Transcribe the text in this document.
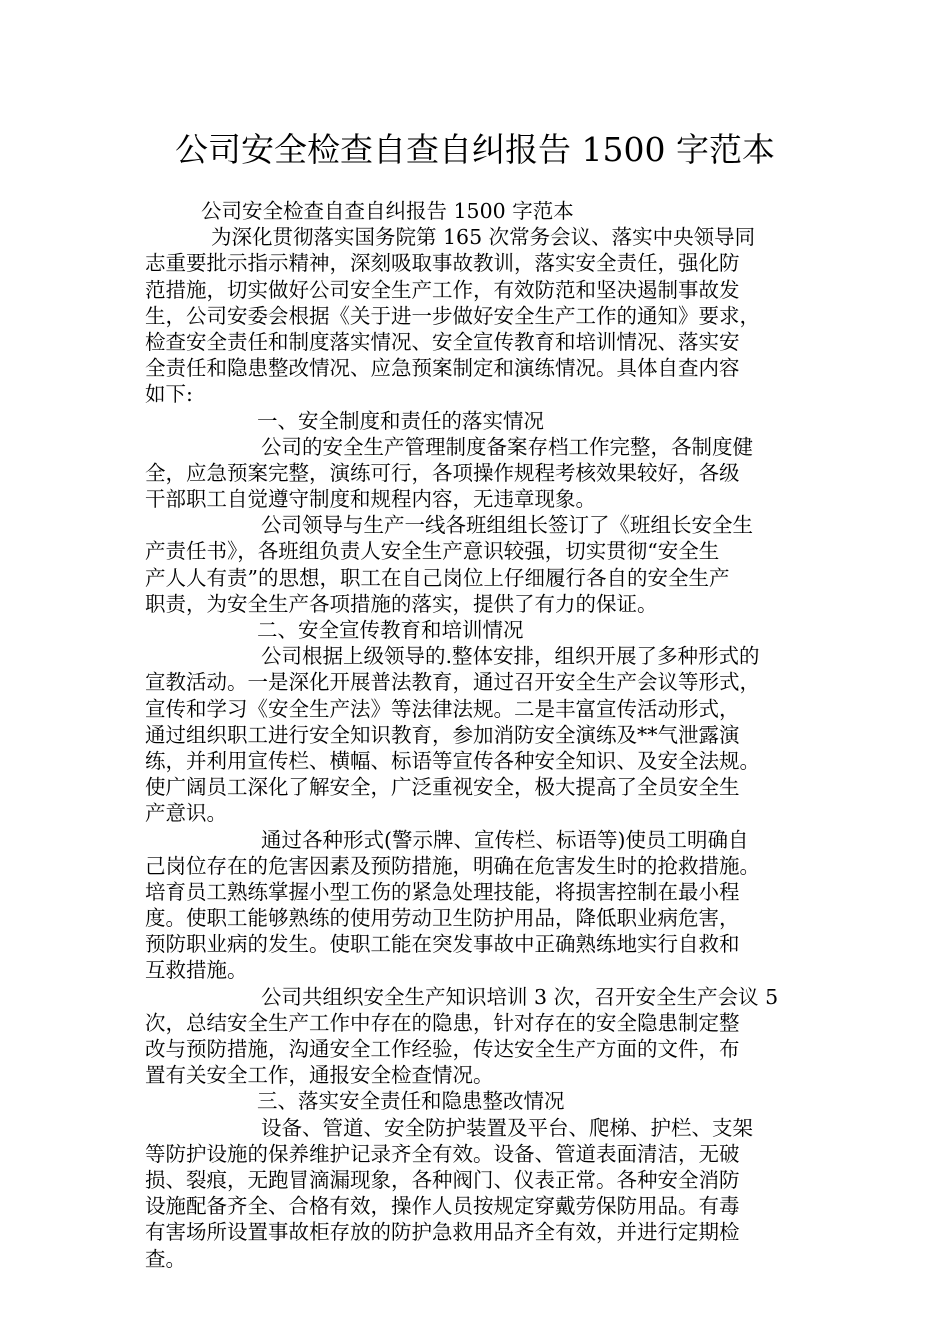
公司安全检查自查自纠报告 1500 字范本
公司安全检查自查自纠报告 1500 字范本
为深化贯彻落实国务院第 165 次常务会议、落实中央领导同
志重要批示指示精神，深刻吸取事故教训，落实安全责任，强化防
范措施，切实做好公司安全生产工作，有效防范和坚决遏制事故发
生，公司安委会根据《关于进一步做好安全生产工作的通知》要求，
检查安全责任和制度落实情况、安全宣传教育和培训情况、落实安
全责任和隐患整改情况、应急预案制定和演练情况。具体自查内容
如下:
一、安全制度和责任的落实情况
公司的安全生产管理制度备案存档工作完整，各制度健
全，应急预案完整，演练可行，各项操作规程考核效果较好，各级
干部职工自觉遵守制度和规程内容，无违章现象。
公司领导与生产一线各班组组长签订了《班组长安全生
产责任书》，各班组负责人安全生产意识较强，切实贯彻“安全生
产人人有责”的思想，职工在自己岗位上仔细履行各自的安全生产
职责，为安全生产各项措施的落实，提供了有力的保证。
二、安全宣传教育和培训情况
公司根据上级领导的.整体安排，组织开展了多种形式的
宣教活动。一是深化开展普法教育，通过召开安全生产会议等形式，
宣传和学习《安全生产法》等法律法规。二是丰富宣传活动形式，
通过组织职工进行安全知识教育，参加消防安全演练及**气泄露演
练，并利用宣传栏、横幅、标语等宣传各种安全知识、及安全法规。
使广阔员工深化了解安全，广泛重视安全，极大提高了全员安全生
产意识。
通过各种形式(警示牌、宣传栏、标语等)使员工明确自
己岗位存在的危害因素及预防措施，明确在危害发生时的抢救措施。
培育员工熟练掌握小型工伤的紧急处理技能，将损害控制在最小程
度。使职工能够熟练的使用劳动卫生防护用品，降低职业病危害，
预防职业病的发生。使职工能在突发事故中正确熟练地实行自救和
互救措施。
公司共组织安全生产知识培训 3 次，召开安全生产会议 5
次，总结安全生产工作中存在的隐患，针对存在的安全隐患制定整
改与预防措施，沟通安全工作经验，传达安全生产方面的文件，布
置有关安全工作，通报安全检查情况。
三、落实安全责任和隐患整改情况
设备、管道、安全防护装置及平台、爬梯、护栏、支架
等防护设施的保养维护记录齐全有效。设备、管道表面清洁，无破
损、裂痕，无跑冒滴漏现象，各种阀门、仪表正常。各种安全消防
设施配备齐全、合格有效，操作人员按规定穿戴劳保防用品。有毒
有害场所设置事故柜存放的防护急救用品齐全有效，并进行定期检
查。
